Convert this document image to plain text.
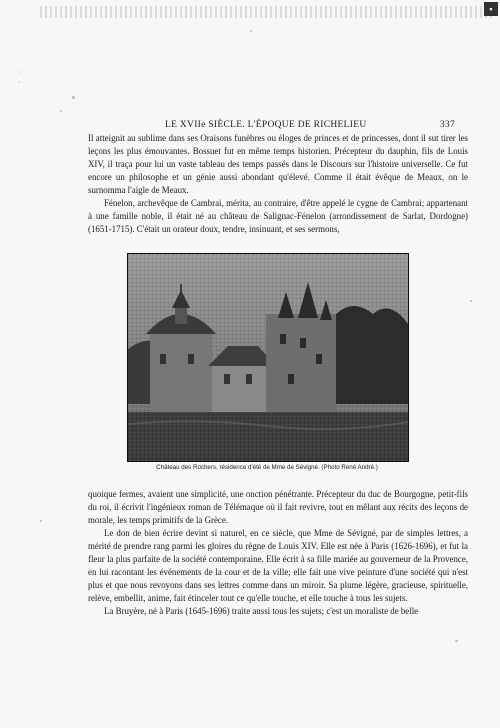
▪
LE XVIIe SIÈCLE. L'ÉPOQUE DE RICHELIEU	337

Il atteignit au sublime dans ses Oraisons funèbres ou éloges de princes et de princesses, dont il sut tirer les leçons les plus émouvantes. Bossuet fut en même temps historien. Précepteur du dauphin, fils de Louis XIV, il traça pour lui un vaste tableau des temps passés dans le Discours sur l'histoire universelle. Ce fut encore un philosophe et un génie aussi abondant qu'élevé. Comme il était évêque de Meaux, on le surnomma l'aigle de Meaux.

Fénelon, archevêque de Cambrai, mérita, au contraire, d'être appelé le cygne de Cambrai; appartenant à une famille noble, il était né au château de Salignac-Fénelon (arrondissement de Sarlat, Dordogne) (1651-1715). C'était un orateur doux, tendre, insinuant, et ses sermons,

Château des Rochers, résidence d'été de Mme de Sévigné. (Photo René André.)

quoique fermes, avaient une simplicité, une onction pénétrante. Précepteur du duc de Bourgogne, petit-fils du roi, il écrivit l'ingénieux roman de Télémaque où il fait revivre, tout en mêlant aux récits des leçons de morale, les temps primitifs de la Grèce.

Le don de bien écrire devint si naturel, en ce siècle, que Mme de Sévigné, par de simples lettres, a mérité de prendre rang parmi les gloires du règne de Louis XIV. Elle est née à Paris (1626-1696), et fut la fleur la plus parfaite de la société contemporaine. Elle écrit à sa fille mariée au gouverneur de la Provence, en lui racontant les événements de la cour et de la ville; elle fait une vive peinture d'une société qui n'est plus et que nous revoyons dans ses lettres comme dans un miroir. Sa plume légère, gracieuse, spirituelle, relève, embellit, anime, fait étinceler tout ce qu'elle touche, et elle touche à tous les sujets.

La Bruyère, né à Paris (1645-1696) traite aussi tous les sujets; c'est un moraliste de belle

·
·
